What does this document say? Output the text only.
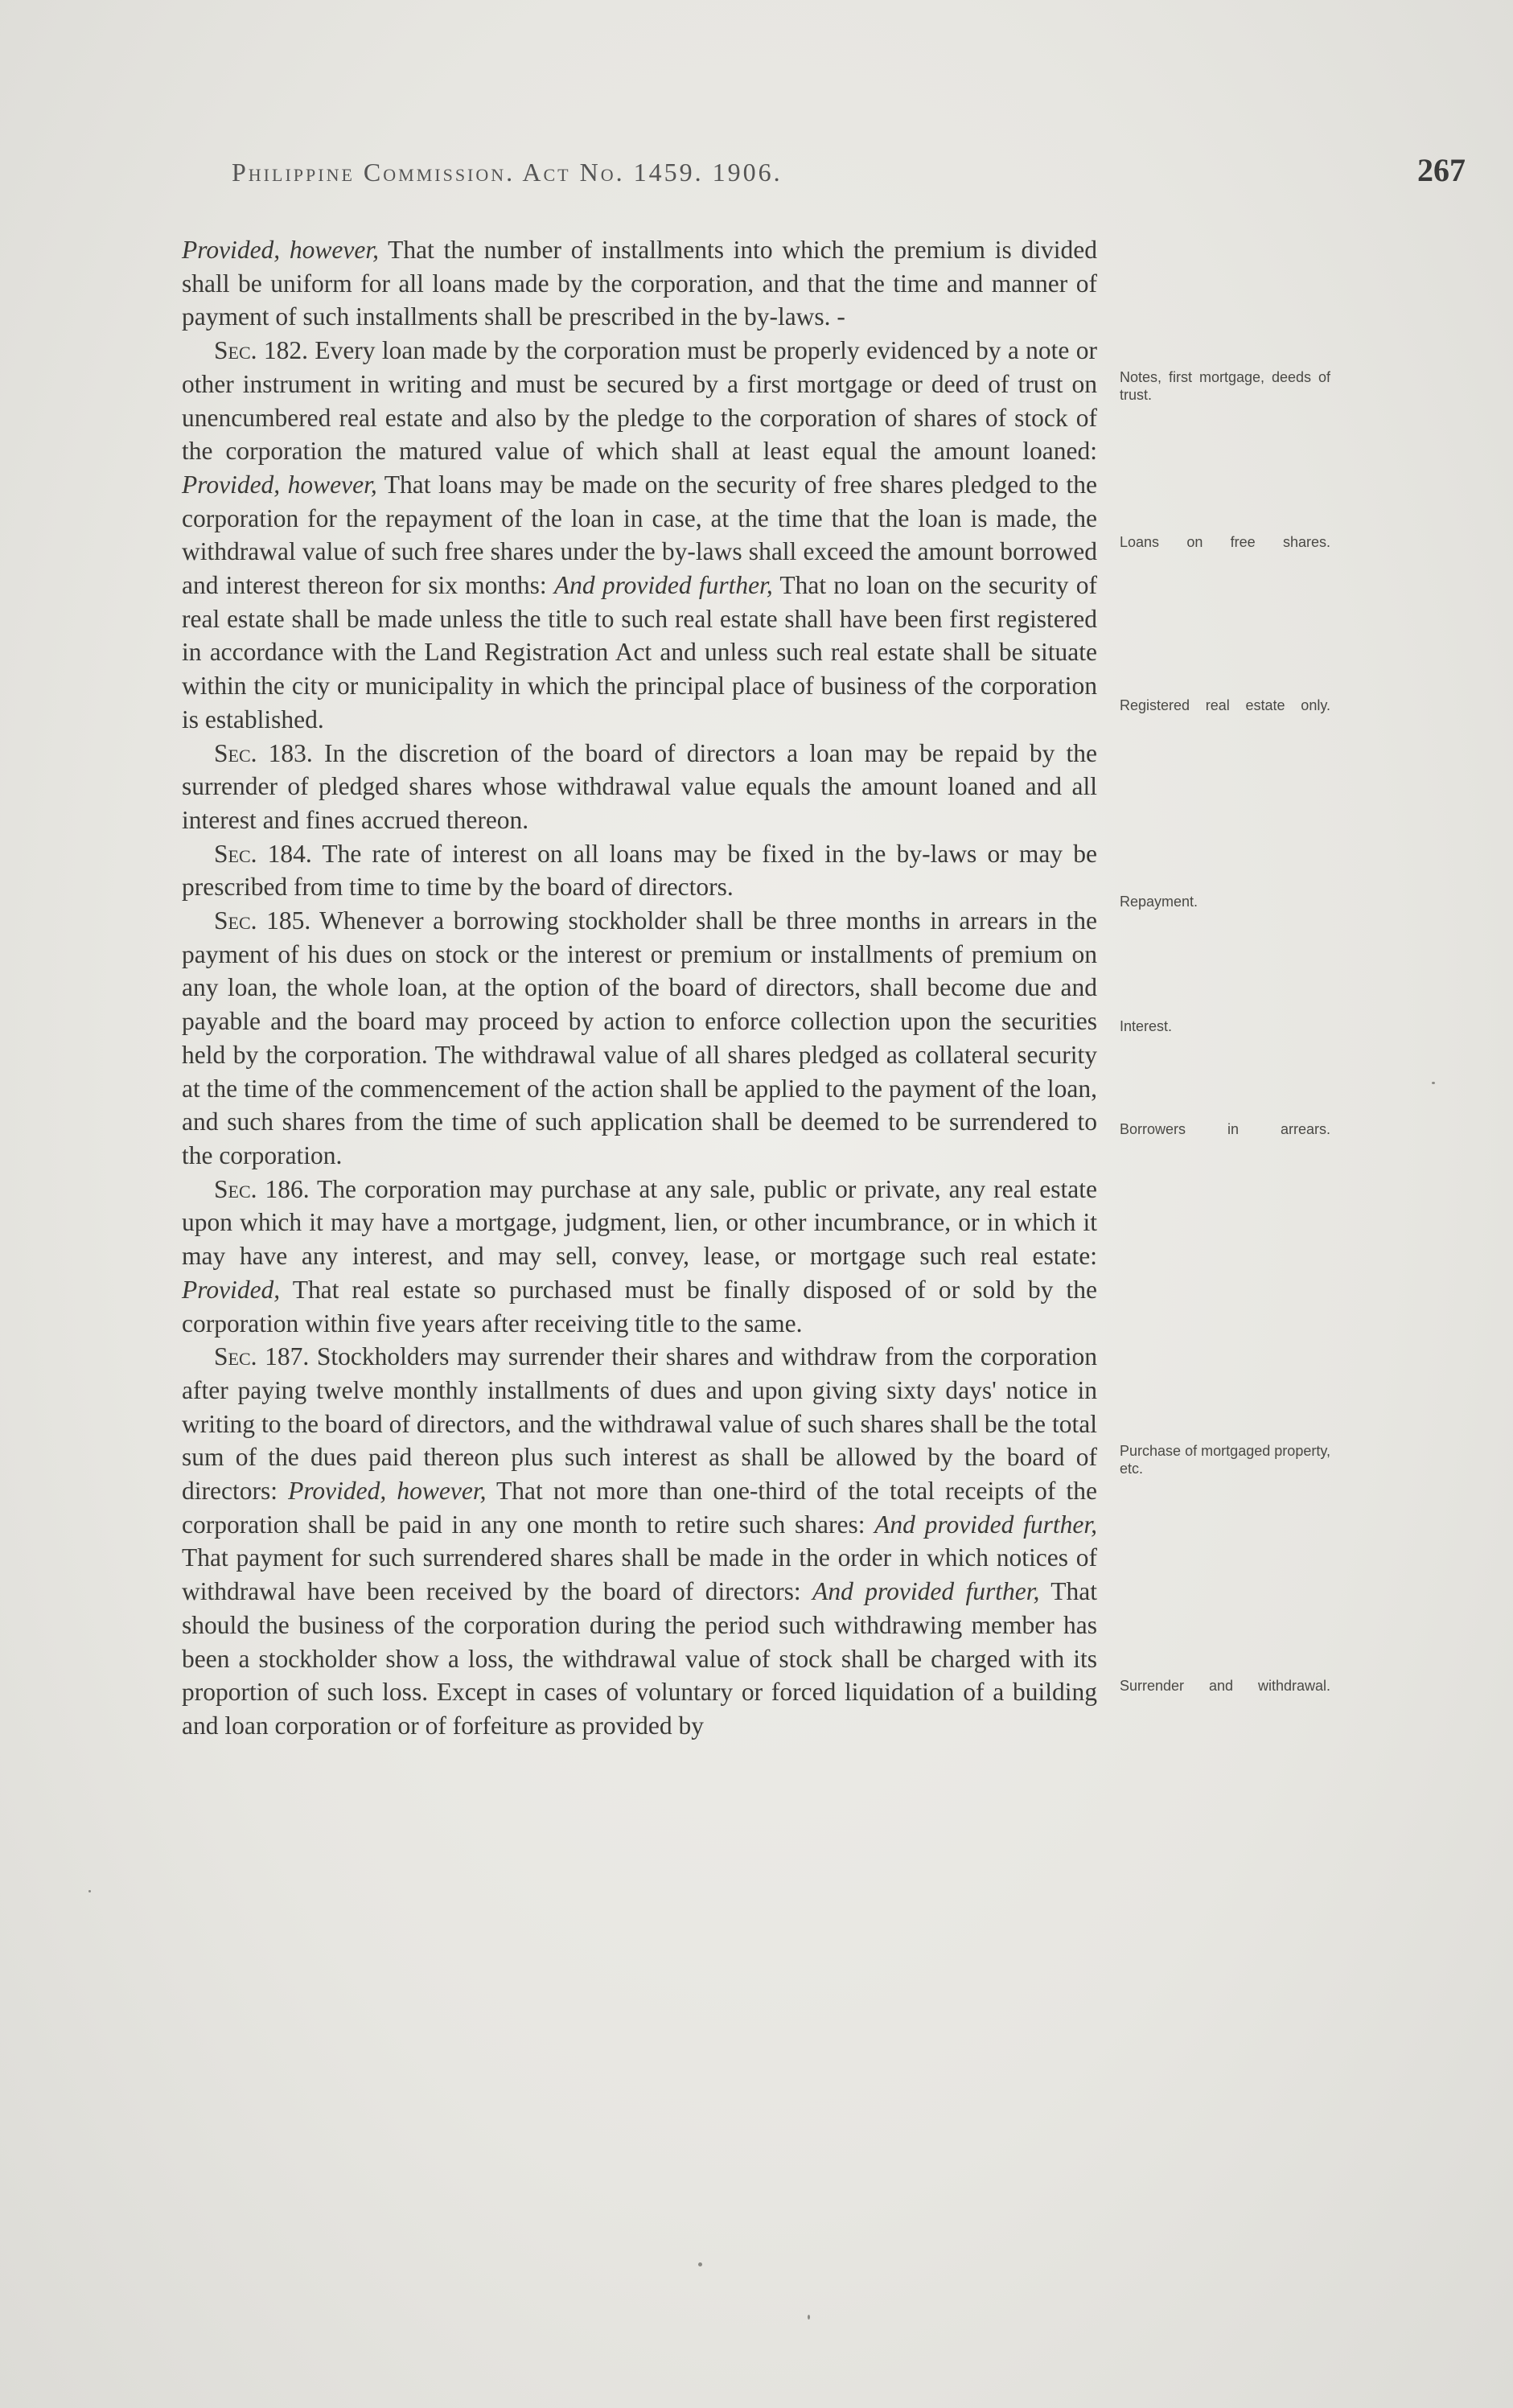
Philippine Commission. Act No. 1459. 1906.	267

Provided, however, That the number of installments into which the premium is divided shall be uniform for all loans made by the corporation, and that the time and manner of payment of such installments shall be prescribed in the by-laws. -

Sec. 182. Every loan made by the corporation must be properly evidenced by a note or other instrument in writing and must be secured by a first mortgage or deed of trust on unencumbered real estate and also by the pledge to the corporation of shares of stock of the corporation the matured value of which shall at least equal the amount loaned: Provided, however, That loans may be made on the security of free shares pledged to the corporation for the repayment of the loan in case, at the time that the loan is made, the withdrawal value of such free shares under the by-laws shall exceed the amount borrowed and interest thereon for six months: And provided further, That no loan on the security of real estate shall be made unless the title to such real estate shall have been first registered in accordance with the Land Registration Act and unless such real estate shall be situate within the city or municipality in which the principal place of business of the corporation is established.

Sec. 183. In the discretion of the board of directors a loan may be repaid by the surrender of pledged shares whose withdrawal value equals the amount loaned and all interest and fines accrued thereon.

Sec. 184. The rate of interest on all loans may be fixed in the by-laws or may be prescribed from time to time by the board of directors.

Sec. 185. Whenever a borrowing stockholder shall be three months in arrears in the payment of his dues on stock or the interest or premium or installments of premium on any loan, the whole loan, at the option of the board of directors, shall become due and payable and the board may proceed by action to enforce collection upon the securities held by the corporation. The withdrawal value of all shares pledged as collateral security at the time of the commencement of the action shall be applied to the payment of the loan, and such shares from the time of such application shall be deemed to be surrendered to the corporation.

Sec. 186. The corporation may purchase at any sale, public or private, any real estate upon which it may have a mortgage, judgment, lien, or other incumbrance, or in which it may have any interest, and may sell, convey, lease, or mortgage such real estate: Provided, That real estate so purchased must be finally disposed of or sold by the corporation within five years after receiving title to the same.

Sec. 187. Stockholders may surrender their shares and withdraw from the corporation after paying twelve monthly installments of dues and upon giving sixty days' notice in writing to the board of directors, and the withdrawal value of such shares shall be the total sum of the dues paid thereon plus such interest as shall be allowed by the board of directors: Provided, however, That not more than one-third of the total receipts of the corporation shall be paid in any one month to retire such shares: And provided further, That payment for such surrendered shares shall be made in the order in which notices of withdrawal have been received by the board of directors: And provided further, That should the business of the corporation during the period such withdrawing member has been a stockholder show a loss, the withdrawal value of stock shall be charged with its proportion of such loss. Except in cases of voluntary or forced liquidation of a building and loan corporation or of forfeiture as provided by

Notes, first mortgage, deeds of trust.
Loans on free shares.
Registered real estate only.
Repayment.
Interest.
Borrowers in arrears.
Purchase of mortgaged property, etc.
Surrender and withdrawal.
